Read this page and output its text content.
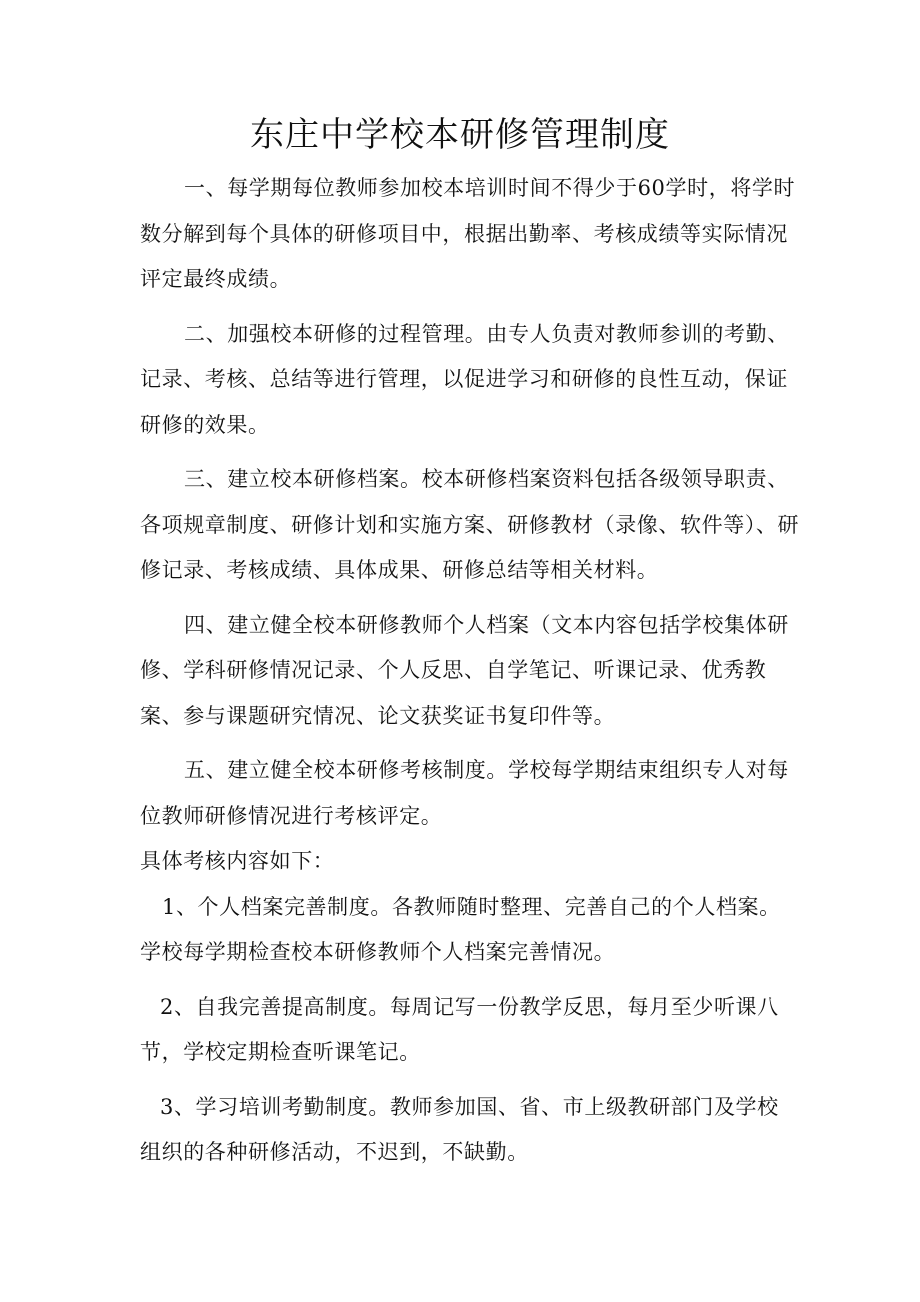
东庄中学校本研修管理制度

一、每学期每位教师参加校本培训时间不得少于60学时，将学时数分解到每个具体的研修项目中，根据出勤率、考核成绩等实际情况评定最终成绩。

二、加强校本研修的过程管理。由专人负责对教师参训的考勤、记录、考核、总结等进行管理，以促进学习和研修的良性互动，保证研修的效果。

三、建立校本研修档案。校本研修档案资料包括各级领导职责、各项规章制度、研修计划和实施方案、研修教材（录像、软件等）、研修记录、考核成绩、具体成果、研修总结等相关材料。

四、建立健全校本研修教师个人档案（文本内容包括学校集体研修、学科研修情况记录、个人反思、自学笔记、听课记录、优秀教案、参与课题研究情况、论文获奖证书复印件等。

五、建立健全校本研修考核制度。学校每学期结束组织专人对每位教师研修情况进行考核评定。

具体考核内容如下：

1、个人档案完善制度。各教师随时整理、完善自己的个人档案。学校每学期检查校本研修教师个人档案完善情况。

2、自我完善提高制度。每周记写一份教学反思，每月至少听课八节，学校定期检查听课笔记。

3、学习培训考勤制度。教师参加国、省、市上级教研部门及学校组织的各种研修活动，不迟到，不缺勤。
